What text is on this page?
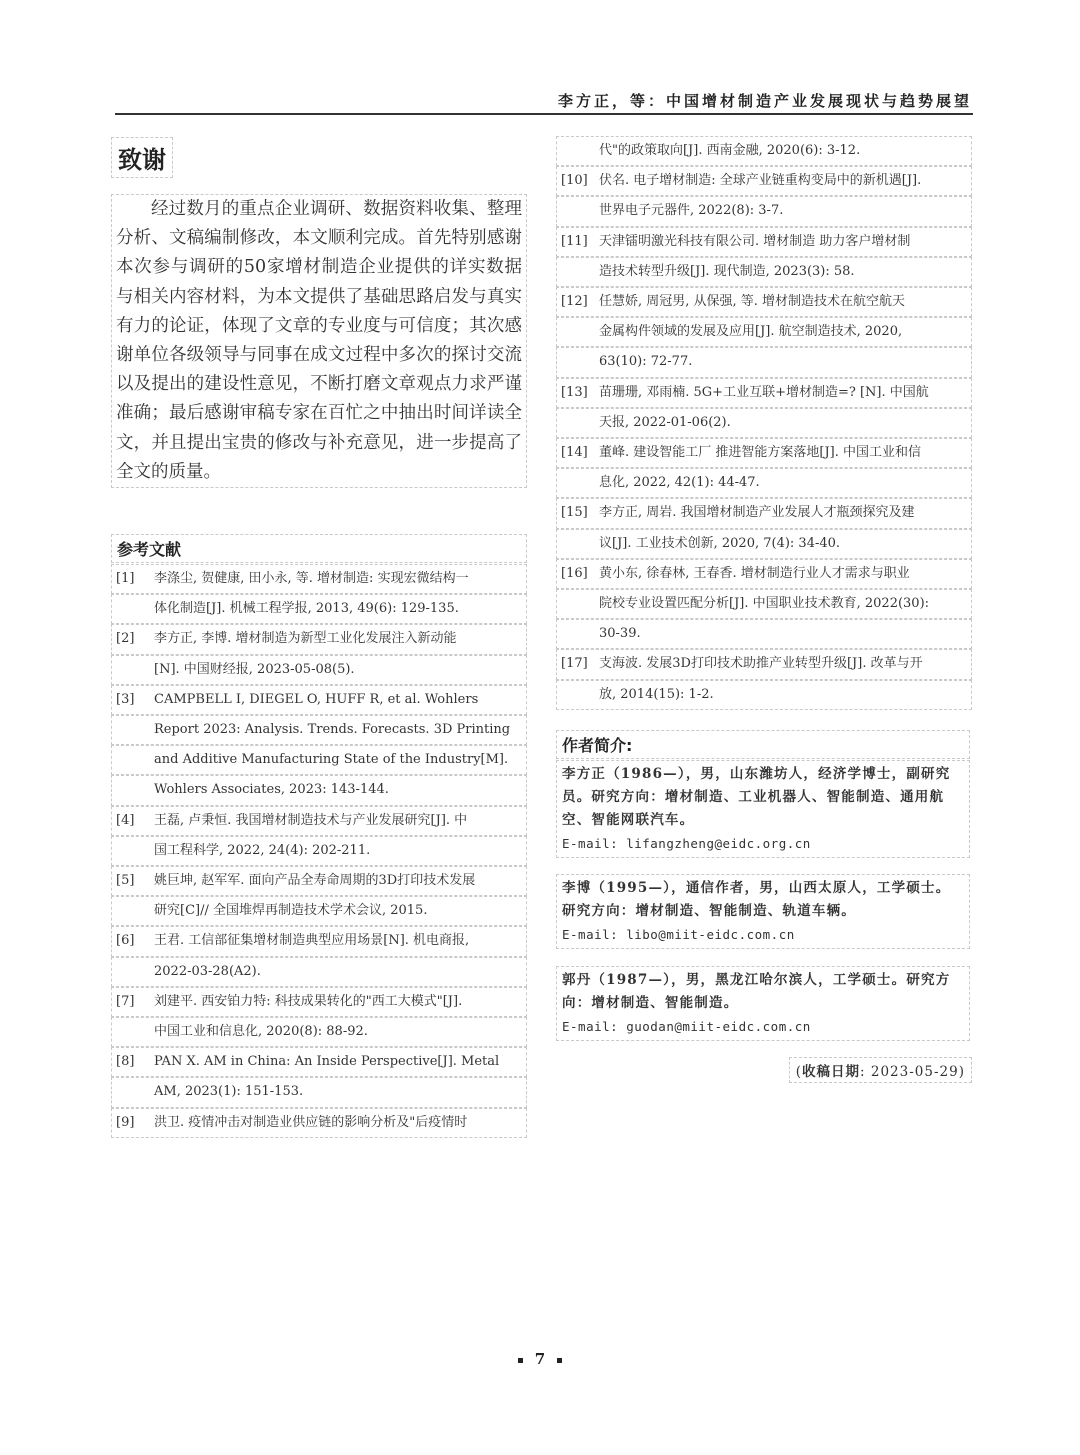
李方正，等：中国增材制造产业发展现状与趋势展望
致谢
经过数月的重点企业调研、数据资料收集、整理分析、文稿编制修改，本文顺利完成。首先特别感谢本次参与调研的50家增材制造企业提供的详实数据与相关内容材料，为本文提供了基础思路启发与真实有力的论证，体现了文章的专业度与可信度；其次感谢单位各级领导与同事在成文过程中多次的探讨交流以及提出的建设性意见，不断打磨文章观点力求严谨准确；最后感谢审稿专家在百忙之中抽出时间详读全文，并且提出宝贵的修改与补充意见，进一步提高了全文的质量。
参考文献
[1]	李涤尘, 贺健康, 田小永, 等. 增材制造: 实现宏微结构一
体化制造[J]. 机械工程学报, 2013, 49(6): 129-135.
[2]	李方正, 李博. 增材制造为新型工业化发展注入新动能
[N]. 中国财经报, 2023-05-08(5).
[3]	CAMPBELL I, DIEGEL O, HUFF R, et al. Wohlers
Report 2023: Analysis. Trends. Forecasts. 3D Printing
and Additive Manufacturing State of the Industry[M].
Wohlers Associates, 2023: 143-144.
[4]	王磊, 卢秉恒. 我国增材制造技术与产业发展研究[J]. 中
国工程科学, 2022, 24(4): 202-211.
[5]	姚巨坤, 赵军军. 面向产品全寿命周期的3D打印技术发展
研究[C]// 全国堆焊再制造技术学术会议, 2015.
[6]	王君. 工信部征集增材制造典型应用场景[N]. 机电商报,
2022-03-28(A2).
[7]	刘建平. 西安铂力特: 科技成果转化的"西工大模式"[J].
中国工业和信息化, 2020(8): 88-92.
[8]	PAN X. AM in China: An Inside Perspective[J]. Metal
AM, 2023(1): 151-153.
[9]	洪卫. 疫情冲击对制造业供应链的影响分析及"后疫情时
代"的政策取向[J]. 西南金融, 2020(6): 3-12.
[10] 伏名. 电子增材制造: 全球产业链重构变局中的新机遇[J].
世界电子元器件, 2022(8): 3-7.
[11] 天津镭明激光科技有限公司. 增材制造 助力客户增材制
造技术转型升级[J]. 现代制造, 2023(3): 58.
[12] 任慧娇, 周冠男, 从保强, 等. 增材制造技术在航空航天
金属构件领域的发展及应用[J]. 航空制造技术, 2020,
63(10): 72-77.
[13] 苗珊珊, 邓雨楠. 5G+工业互联+增材制造=? [N]. 中国航
天报, 2022-01-06(2).
[14] 董峰. 建设智能工厂 推进智能方案落地[J]. 中国工业和信
息化, 2022, 42(1): 44-47.
[15] 李方正, 周岩. 我国增材制造产业发展人才瓶颈探究及建
议[J]. 工业技术创新, 2020, 7(4): 34-40.
[16] 黄小东, 徐春林, 王春香. 增材制造行业人才需求与职业
院校专业设置匹配分析[J]. 中国职业技术教育, 2022(30):
30-39.
[17] 支海波. 发展3D打印技术助推产业转型升级[J]. 改革与开
放, 2014(15): 1-2.
作者简介:
李方正（1986—），男，山东潍坊人，经济学博士，副研究员。研究方向：增材制造、工业机器人、智能制造、通用航空、智能网联汽车。
E-mail: lifangzheng@eidc.org.cn
李博（1995—），通信作者，男，山西太原人，工学硕士。研究方向：增材制造、智能制造、轨道车辆。
E-mail: libo@miit-eidc.com.cn
郭丹（1987—），男，黑龙江哈尔滨人，工学硕士。研究方向：增材制造、智能制造。
E-mail: guodan@miit-eidc.com.cn
(收稿日期: 2023-05-29)
7
